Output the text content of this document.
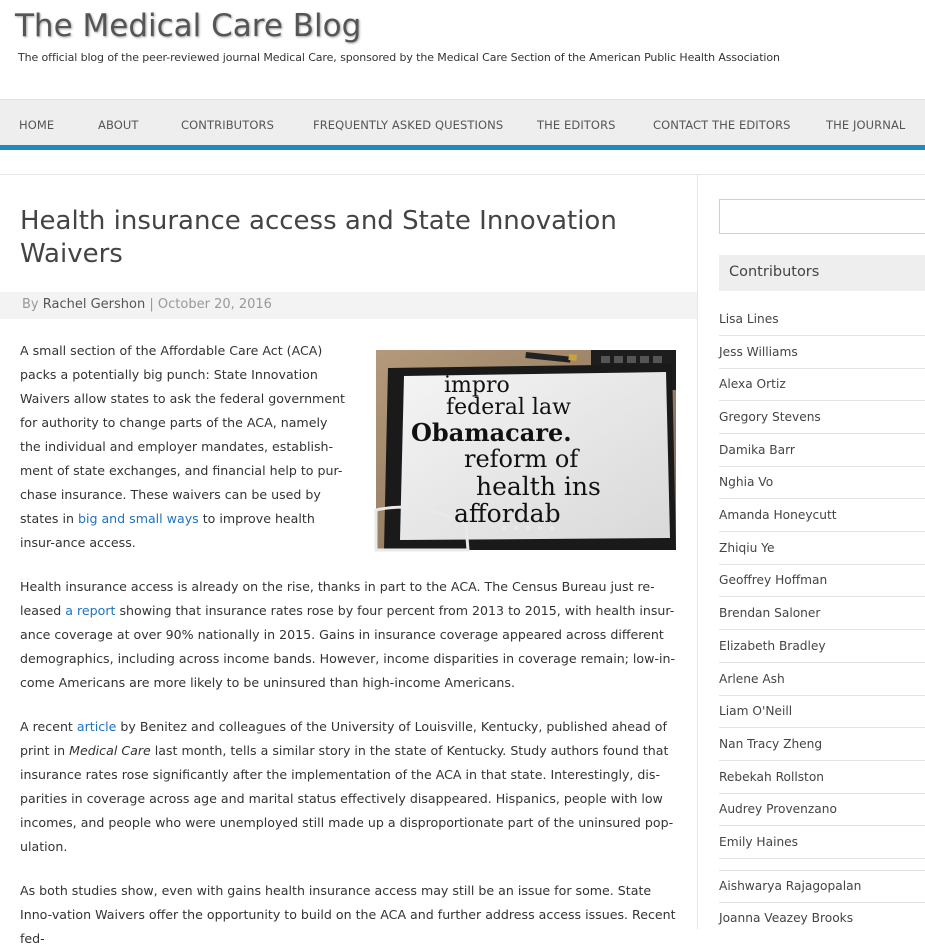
The Medical Care Blog
The official blog of the peer-reviewed journal Medical Care, sponsored by the Medical Care Section of the American Public Health Association
HOME	ABOUT	CONTRIBUTORS	FREQUENTLY ASKED QUESTIONS	THE EDITORS	CONTACT THE EDITORS	THE JOURNAL
Health insurance access and State Innovation Waivers
By Rachel Gershon | October 20, 2016
impro
federal law
Obamacare.
reform of
health ins
affordab

A small section of the Affordable Care Act (ACA) packs a potentially big punch: State Innovation Waivers allow states to ask the federal government for authority to change parts of the ACA, namely the individual and employer mandates, establish-ment of state exchanges, and financial help to pur-chase insurance. These waivers can be used by states in big and small ways to improve health insur-ance access.

Health insurance access is already on the rise, thanks in part to the ACA. The Census Bureau just re-leased a report showing that insurance rates rose by four percent from 2013 to 2015, with health insur-ance coverage at over 90% nationally in 2015. Gains in insurance coverage appeared across different demographics, including across income bands. However, income disparities in coverage remain; low-in-come Americans are more likely to be uninsured than high-income Americans.

A recent article by Benitez and colleagues of the University of Louisville, Kentucky, published ahead of print in Medical Care last month, tells a similar story in the state of Kentucky. Study authors found that insurance rates rose significantly after the implementation of the ACA in that state. Interestingly, dis-parities in coverage across age and marital status effectively disappeared. Hispanics, people with low incomes, and people who were unemployed still made up a disproportionate part of the uninsured pop-ulation.

As both studies show, even with gains health insurance access may still be an issue for some. State Inno-vation Waivers offer the opportunity to build on the ACA and further address access issues. Recent fed-

Contributors
Lisa Lines
Jess Williams
Alexa Ortiz
Gregory Stevens
Damika Barr
Nghia Vo
Amanda Honeycutt
Zhiqiu Ye
Geoffrey Hoffman
Brendan Saloner
Elizabeth Bradley
Arlene Ash
Liam O'Neill
Nan Tracy Zheng
Rebekah Rollston
Audrey Provenzano
Emily Haines
Aishwarya Rajagopalan
Joanna Veazey Brooks
